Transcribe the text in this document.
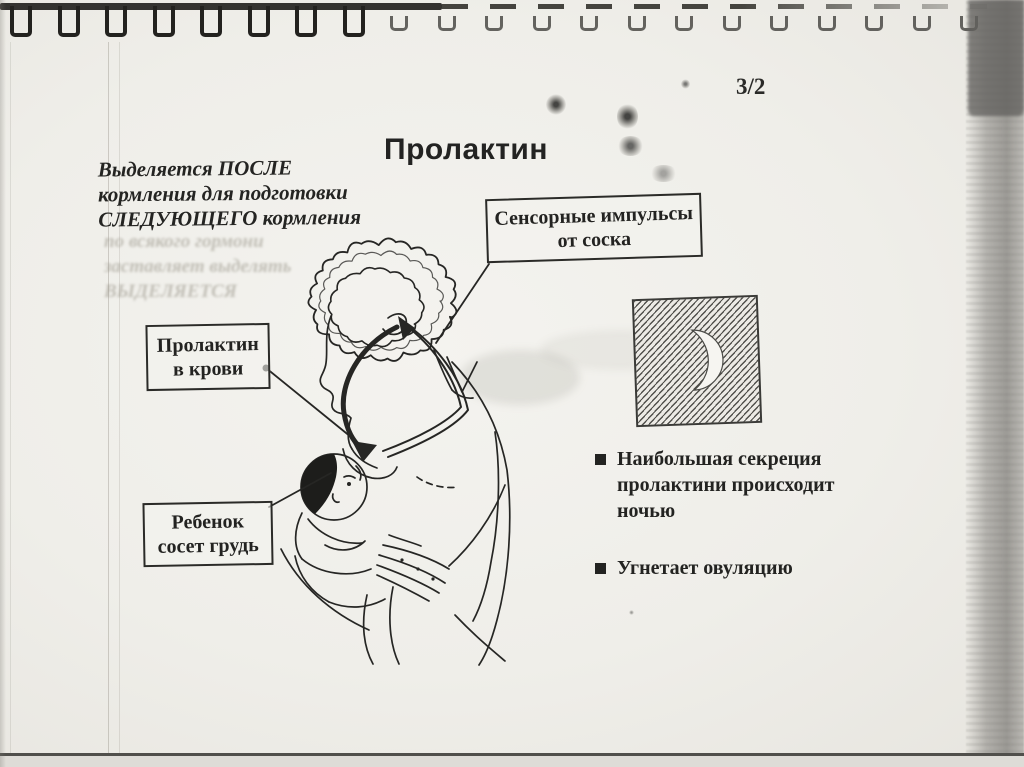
3/2
Пролактин
Выделяется ПОСЛЕ
кормления для подготовки
СЛЕДУЮЩЕГО кормления
по всякого гормони
заставляет выделять
ВЫДЕЛЯЕТСЯ
Сенсорные импульсы
от соска
Пролактин
в крови
Ребенок
сосет грудь
Наибольшая секреция пролактини происходит ночью
Угнетает овуляцию
